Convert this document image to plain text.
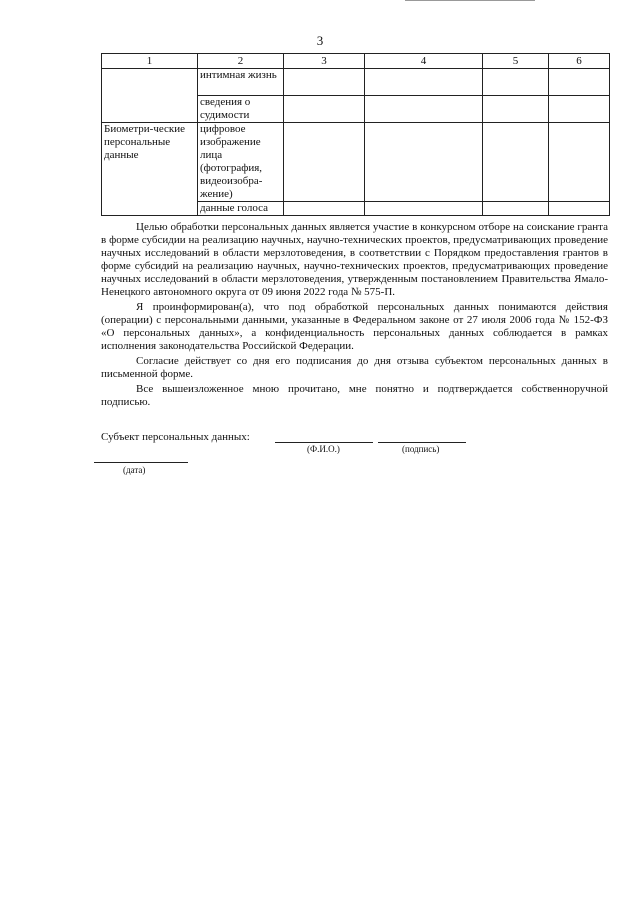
3
1	2	3	4	5	6
	интимная жизнь				
	сведения о судимости				
Биометри-ческие персональные данные	цифровое изображение лица (фотография, видеоизобра-жение)				
	данные голоса				

Целью обработки персональных данных является участие в конкурсном отборе на соискание гранта в форме субсидии на реализацию научных, научно-технических проектов, предусматривающих проведение научных исследований в области мерзлотоведения, в соответствии с Порядком предоставления грантов в форме субсидий на реализацию научных, научно-технических проектов, предусматривающих проведение научных исследований в области мерзлотоведения, утвержденным постановлением Правительства Ямало-Ненецкого автономного округа от 09 июня 2022 года № 575-П.

Я проинформирован(а), что под обработкой персональных данных понимаются действия (операции) с персональными данными, указанные в Федеральном законе от 27 июля 2006 года № 152-ФЗ «О персональных данных», а конфиденциальность персональных данных соблюдается в рамках исполнения законодательства Российской Федерации.

Согласие действует со дня его подписания до дня отзыва субъектом персональных данных в письменной форме.

Все вышеизложенное мною прочитано, мне понятно и подтверждается собственноручной подписью.

Субъект персональных данных:
(Ф.И.О.)	(подпись)
(дата)
